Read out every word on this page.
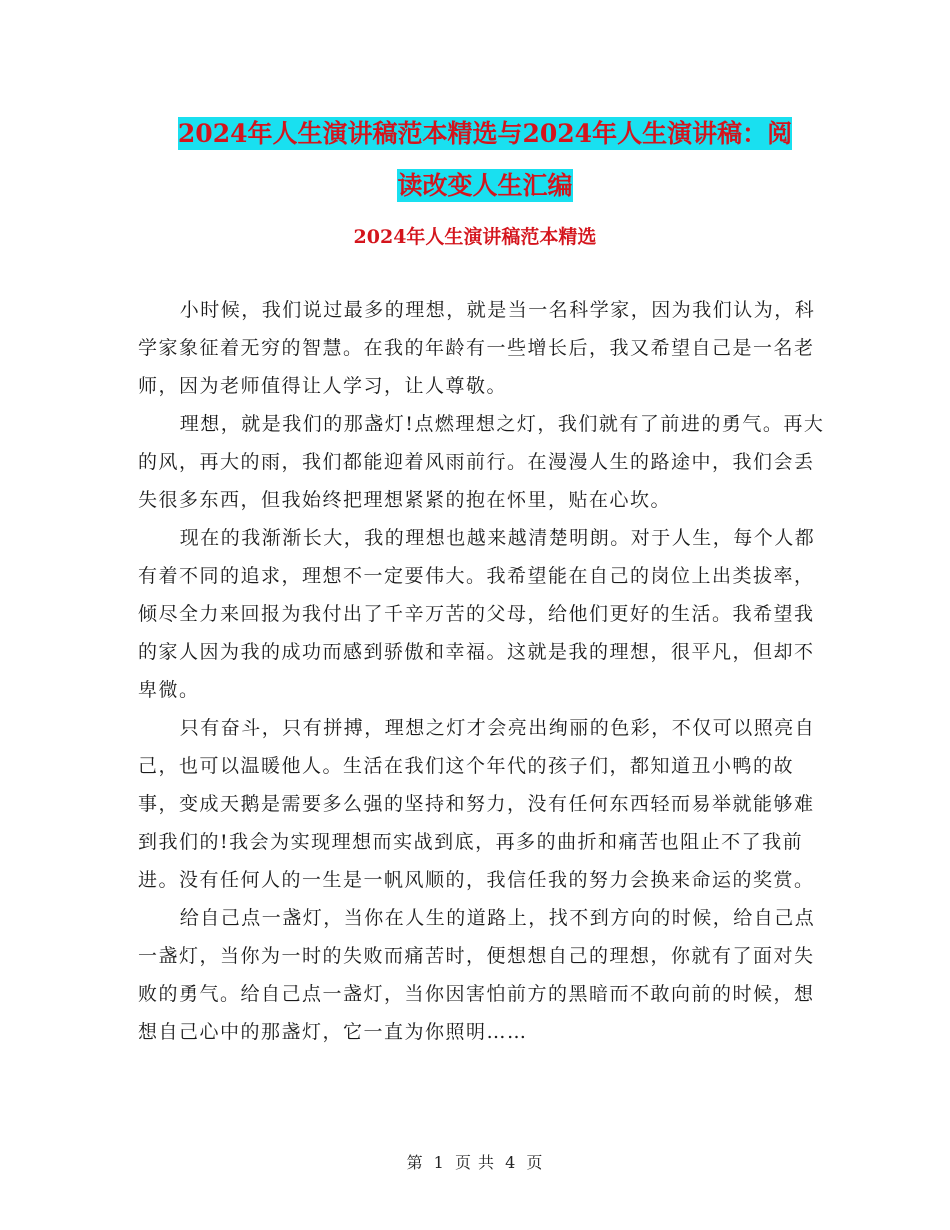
2024年人生演讲稿范本精选与2024年人生演讲稿：阅
读改变人生汇编
2024年人生演讲稿范本精选

小时候，我们说过最多的理想，就是当一名科学家，因为我们认为，科学家象征着无穷的智慧。在我的年龄有一些增长后，我又希望自己是一名老师，因为老师值得让人学习，让人尊敬。

理想，就是我们的那盏灯!点燃理想之灯，我们就有了前进的勇气。再大的风，再大的雨，我们都能迎着风雨前行。在漫漫人生的路途中，我们会丢失很多东西，但我始终把理想紧紧的抱在怀里，贴在心坎。

现在的我渐渐长大，我的理想也越来越清楚明朗。对于人生，每个人都有着不同的追求，理想不一定要伟大。我希望能在自己的岗位上出类拔率，倾尽全力来回报为我付出了千辛万苦的父母，给他们更好的生活。我希望我的家人因为我的成功而感到骄傲和幸福。这就是我的理想，很平凡，但却不卑微。

只有奋斗，只有拼搏，理想之灯才会亮出绚丽的色彩，不仅可以照亮自己，也可以温暖他人。生活在我们这个年代的孩子们，都知道丑小鸭的故事，变成天鹅是需要多么强的坚持和努力，没有任何东西轻而易举就能够难到我们的!我会为实现理想而实战到底，再多的曲折和痛苦也阻止不了我前进。没有任何人的一生是一帆风顺的，我信任我的努力会换来命运的奖赏。

给自己点一盏灯，当你在人生的道路上，找不到方向的时候，给自己点一盏灯，当你为一时的失败而痛苦时，便想想自己的理想，你就有了面对失败的勇气。给自己点一盏灯，当你因害怕前方的黑暗而不敢向前的时候，想想自己心中的那盏灯，它一直为你照明……

第 1 页 共 4 页
